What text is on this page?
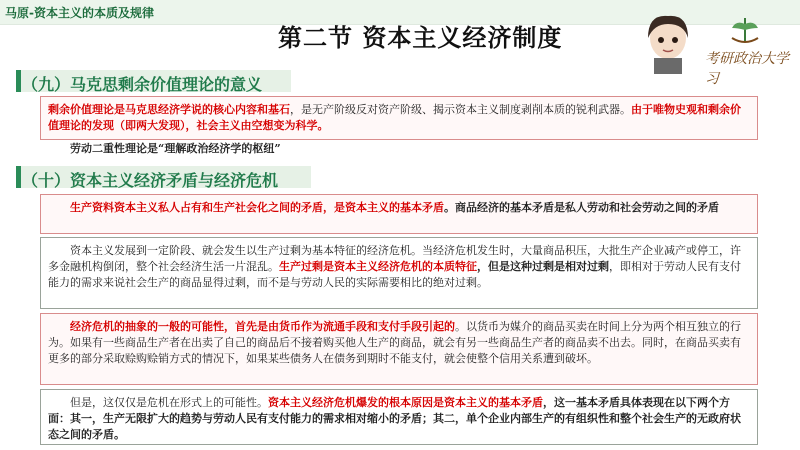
马原-资本主义的本质及规律
第二节 资本主义经济制度
考研政治大学习
（九）马克思剩余价值理论的意义
剩余价值理论是马克思经济学说的核心内容和基石，是无产阶级反对资产阶级、揭示资本主义制度剥削本质的锐利武器。由于唯物史观和剩余价值理论的发现（即两大发现），社会主义由空想变为科学。
劳动二重性理论是“理解政治经济学的枢纽”
（十）资本主义经济矛盾与经济危机
生产资料资本主义私人占有和生产社会化之间的矛盾，是资本主义的基本矛盾。商品经济的基本矛盾是私人劳动和社会劳动之间的矛盾
资本主义发展到一定阶段、就会发生以生产过剩为基本特征的经济危机。当经济危机发生时，大量商品积压，大批生产企业减产或停工，许多金融机构倒闭，整个社会经济生活一片混乱。生产过剩是资本主义经济危机的本质特征，但是这种过剩是相对过剩，即相对于劳动人民有支付能力的需求来说社会生产的商品显得过剩，而不是与劳动人民的实际需要相比的绝对过剩。
经济危机的抽象的一般的可能性，首先是由货币作为流通手段和支付手段引起的。以货币为媒介的商品买卖在时间上分为两个相互独立的行为。如果有一些商品生产者在出卖了自己的商品后不接着购买他人生产的商品，就会有另一些商品生产者的商品卖不出去。同时，在商品买卖有更多的部分采取赊购赊销方式的情况下，如果某些债务人在债务到期时不能支付，就会使整个信用关系遭到破坏。
但是，这仅仅是危机在形式上的可能性。资本主义经济危机爆发的根本原因是资本主义的基本矛盾，这一基本矛盾具体表现在以下两个方面：其一，生产无限扩大的趋势与劳动人民有支付能力的需求相对缩小的矛盾；其二，单个企业内部生产的有组织性和整个社会生产的无政府状态之间的矛盾。
